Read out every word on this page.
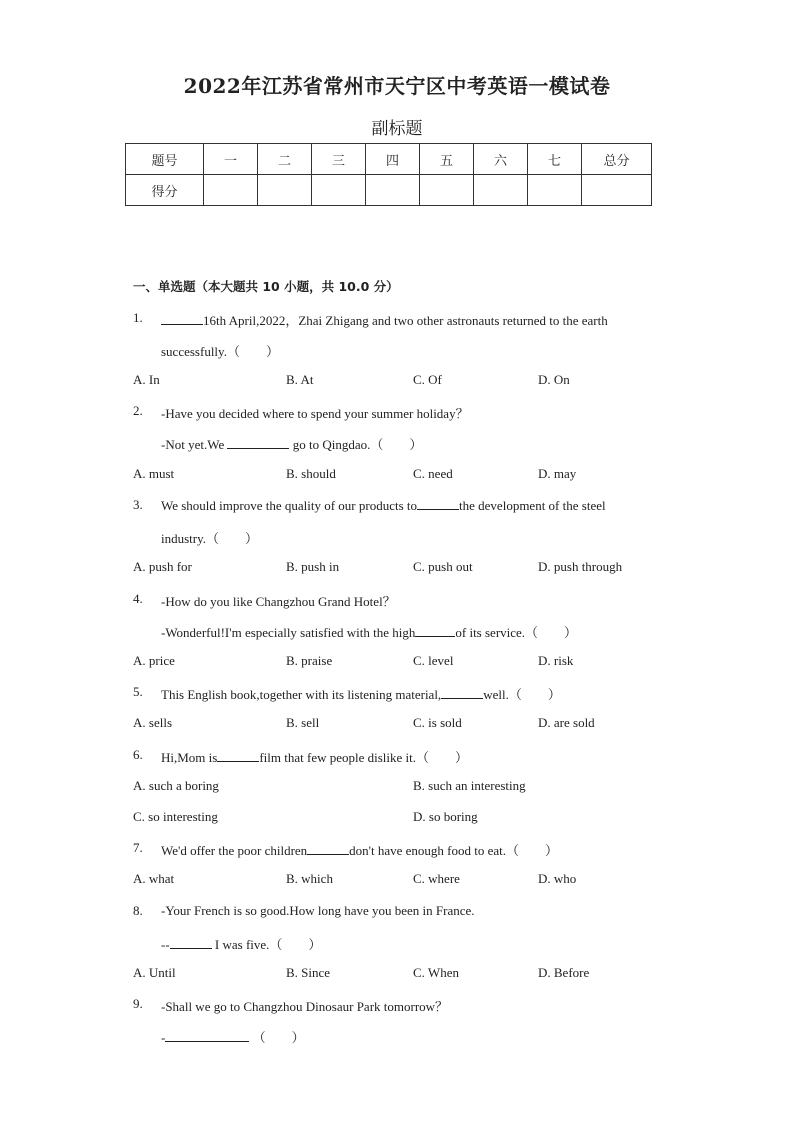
2022年江苏省常州市天宁区中考英语一模试卷
副标题
题号	一	二	三	四	五	六	七	总分
得分								
一、单选题（本大题共 10 小题，共 10.0 分）
1.	16th April,2022，Zhai Zhigang and two other astronauts returned to the earth
successfully.（　　）
A. In	B. At	C. Of	D. On
2. -Have you decided where to spend your summer holiday？
-Not yet.We	go to Qingdao.（　　）
A. must	B. should	C. need	D. may
3. We should improve the quality of our products to	the development of the steel
industry.（　　）
A. push for	B. push in	C. push out	D. push through
4. -How do you like Changzhou Grand Hotel？
-Wonderful!I'm especially satisfied with the high	of its service.（　　）
A. price	B. praise	C. level	D. risk
5. This English book,together with its listening material,	well.（　　）
A. sells	B. sell	C. is sold	D. are sold
6. Hi,Mom is	film that few people dislike it.（　　）
A. such a boring	B. such an interesting
C. so interesting	D. so boring
7. We'd offer the poor children	don't have enough food to eat.（　　）
A. what	B. which	C. where	D. who
8. -Your French is so good.How long have you been in France.
--	I was five.（　　）
A. Until	B. Since	C. When	D. Before
9. -Shall we go to Changzhou Dinosaur Park tomorrow？
-	（　　）
